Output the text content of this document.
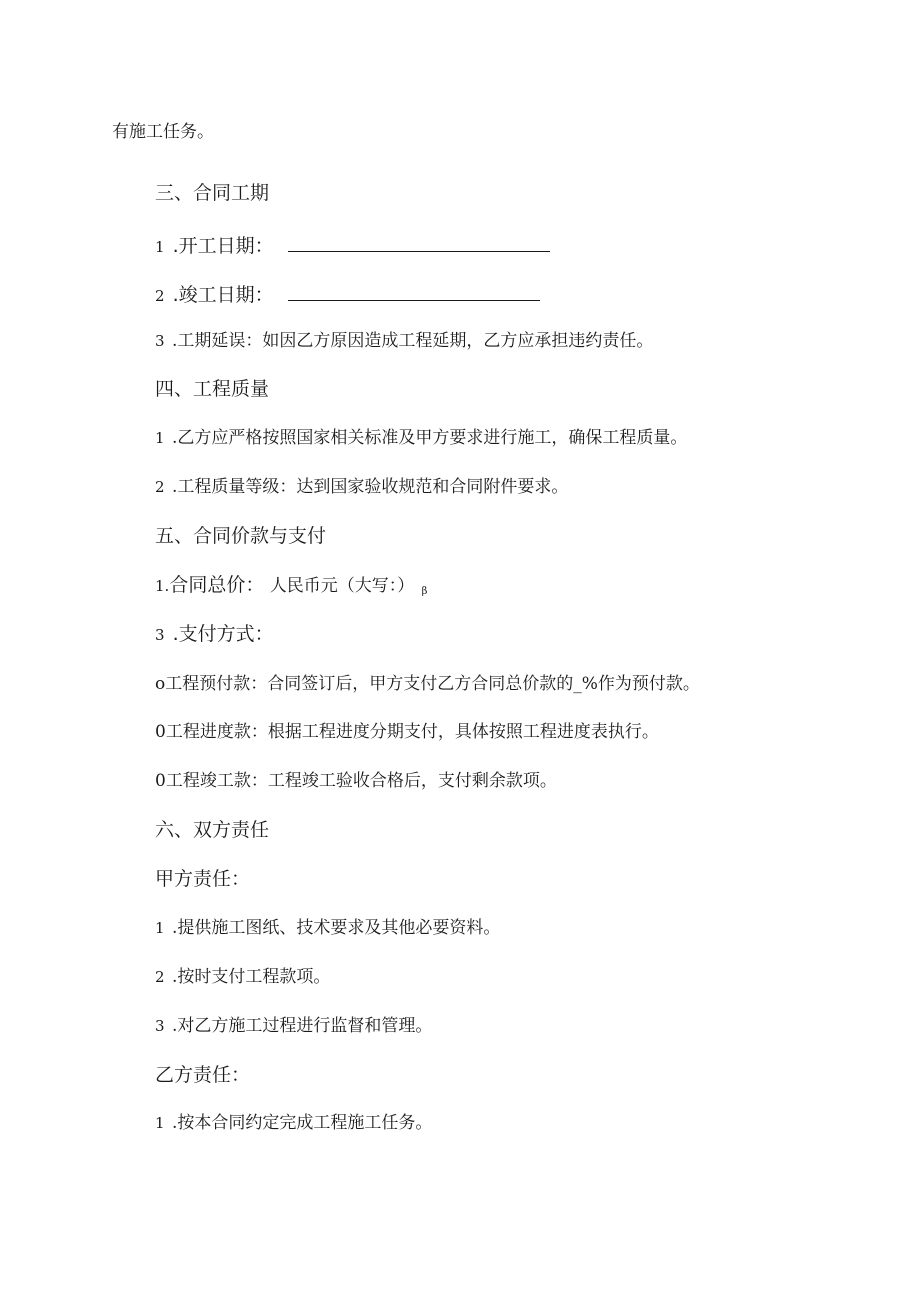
有施工任务。
三、合同工期
1 .开工日期：
2 .竣工日期：
3 .工期延误：如因乙方原因造成工程延期，乙方应承担违约责任。
四、工程质量
1 .乙方应严格按照国家相关标准及甲方要求进行施工，确保工程质量。
2 .工程质量等级：达到国家验收规范和合同附件要求。
五、合同价款与支付
1.合同总价： 人民币元（大写：） β
3 .支付方式：
o工程预付款：合同签订后，甲方支付乙方合同总价款的_%作为预付款。
0工程进度款：根据工程进度分期支付，具体按照工程进度表执行。
0工程竣工款：工程竣工验收合格后，支付剩余款项。
六、双方责任
甲方责任：
1 .提供施工图纸、技术要求及其他必要资料。
2 .按时支付工程款项。
3 .对乙方施工过程进行监督和管理。
乙方责任：
1 .按本合同约定完成工程施工任务。
